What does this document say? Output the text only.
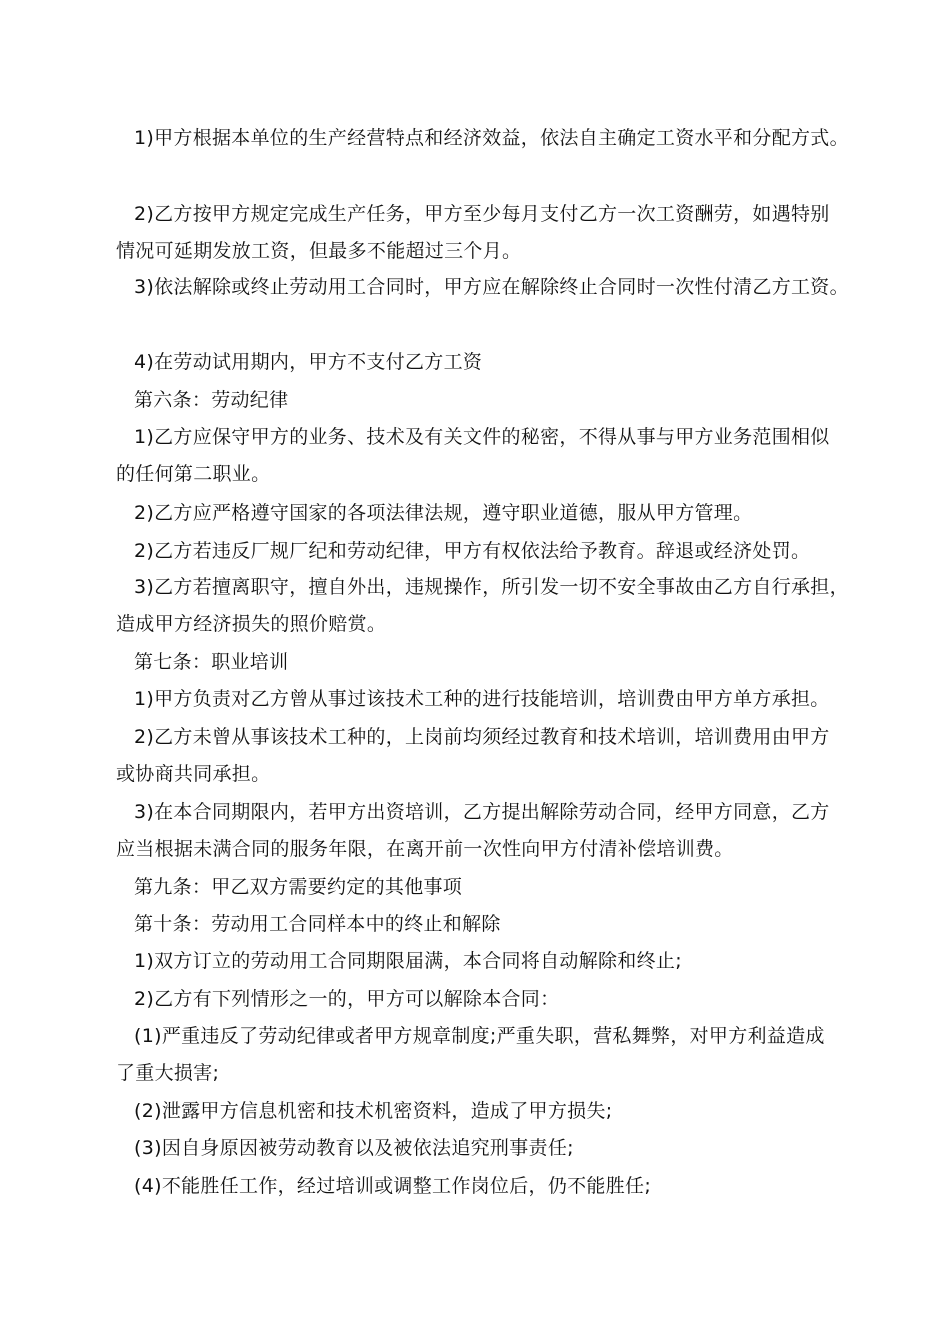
1)甲方根据本单位的生产经营特点和经济效益，依法自主确定工资水平和分配方式。
2)乙方按甲方规定完成生产任务，甲方至少每月支付乙方一次工资酬劳，如遇特别
情况可延期发放工资，但最多不能超过三个月。
3)依法解除或终止劳动用工合同时，甲方应在解除终止合同时一次性付清乙方工资。
4)在劳动试用期内，甲方不支付乙方工资
第六条：劳动纪律
1)乙方应保守甲方的业务、技术及有关文件的秘密，不得从事与甲方业务范围相似
的任何第二职业。
2)乙方应严格遵守国家的各项法律法规，遵守职业道德，服从甲方管理。
2)乙方若违反厂规厂纪和劳动纪律，甲方有权依法给予教育。辞退或经济处罚。
3)乙方若擅离职守，擅自外出，违规操作，所引发一切不安全事故由乙方自行承担，
造成甲方经济损失的照价赔赏。
第七条：职业培训
1)甲方负责对乙方曾从事过该技术工种的进行技能培训，培训费由甲方单方承担。
2)乙方未曾从事该技术工种的，上岗前均须经过教育和技术培训，培训费用由甲方
或协商共同承担。
3)在本合同期限内，若甲方出资培训，乙方提出解除劳动合同，经甲方同意，乙方
应当根据未满合同的服务年限，在离开前一次性向甲方付清补偿培训费。
第九条：甲乙双方需要约定的其他事项
第十条：劳动用工合同样本中的终止和解除
1)双方订立的劳动用工合同期限届满，本合同将自动解除和终止;
2)乙方有下列情形之一的，甲方可以解除本合同：
(1)严重违反了劳动纪律或者甲方规章制度;严重失职，营私舞弊，对甲方利益造成
了重大损害;
(2)泄露甲方信息机密和技术机密资料，造成了甲方损失;
(3)因自身原因被劳动教育以及被依法追究刑事责任;
(4)不能胜任工作，经过培训或调整工作岗位后，仍不能胜任;
